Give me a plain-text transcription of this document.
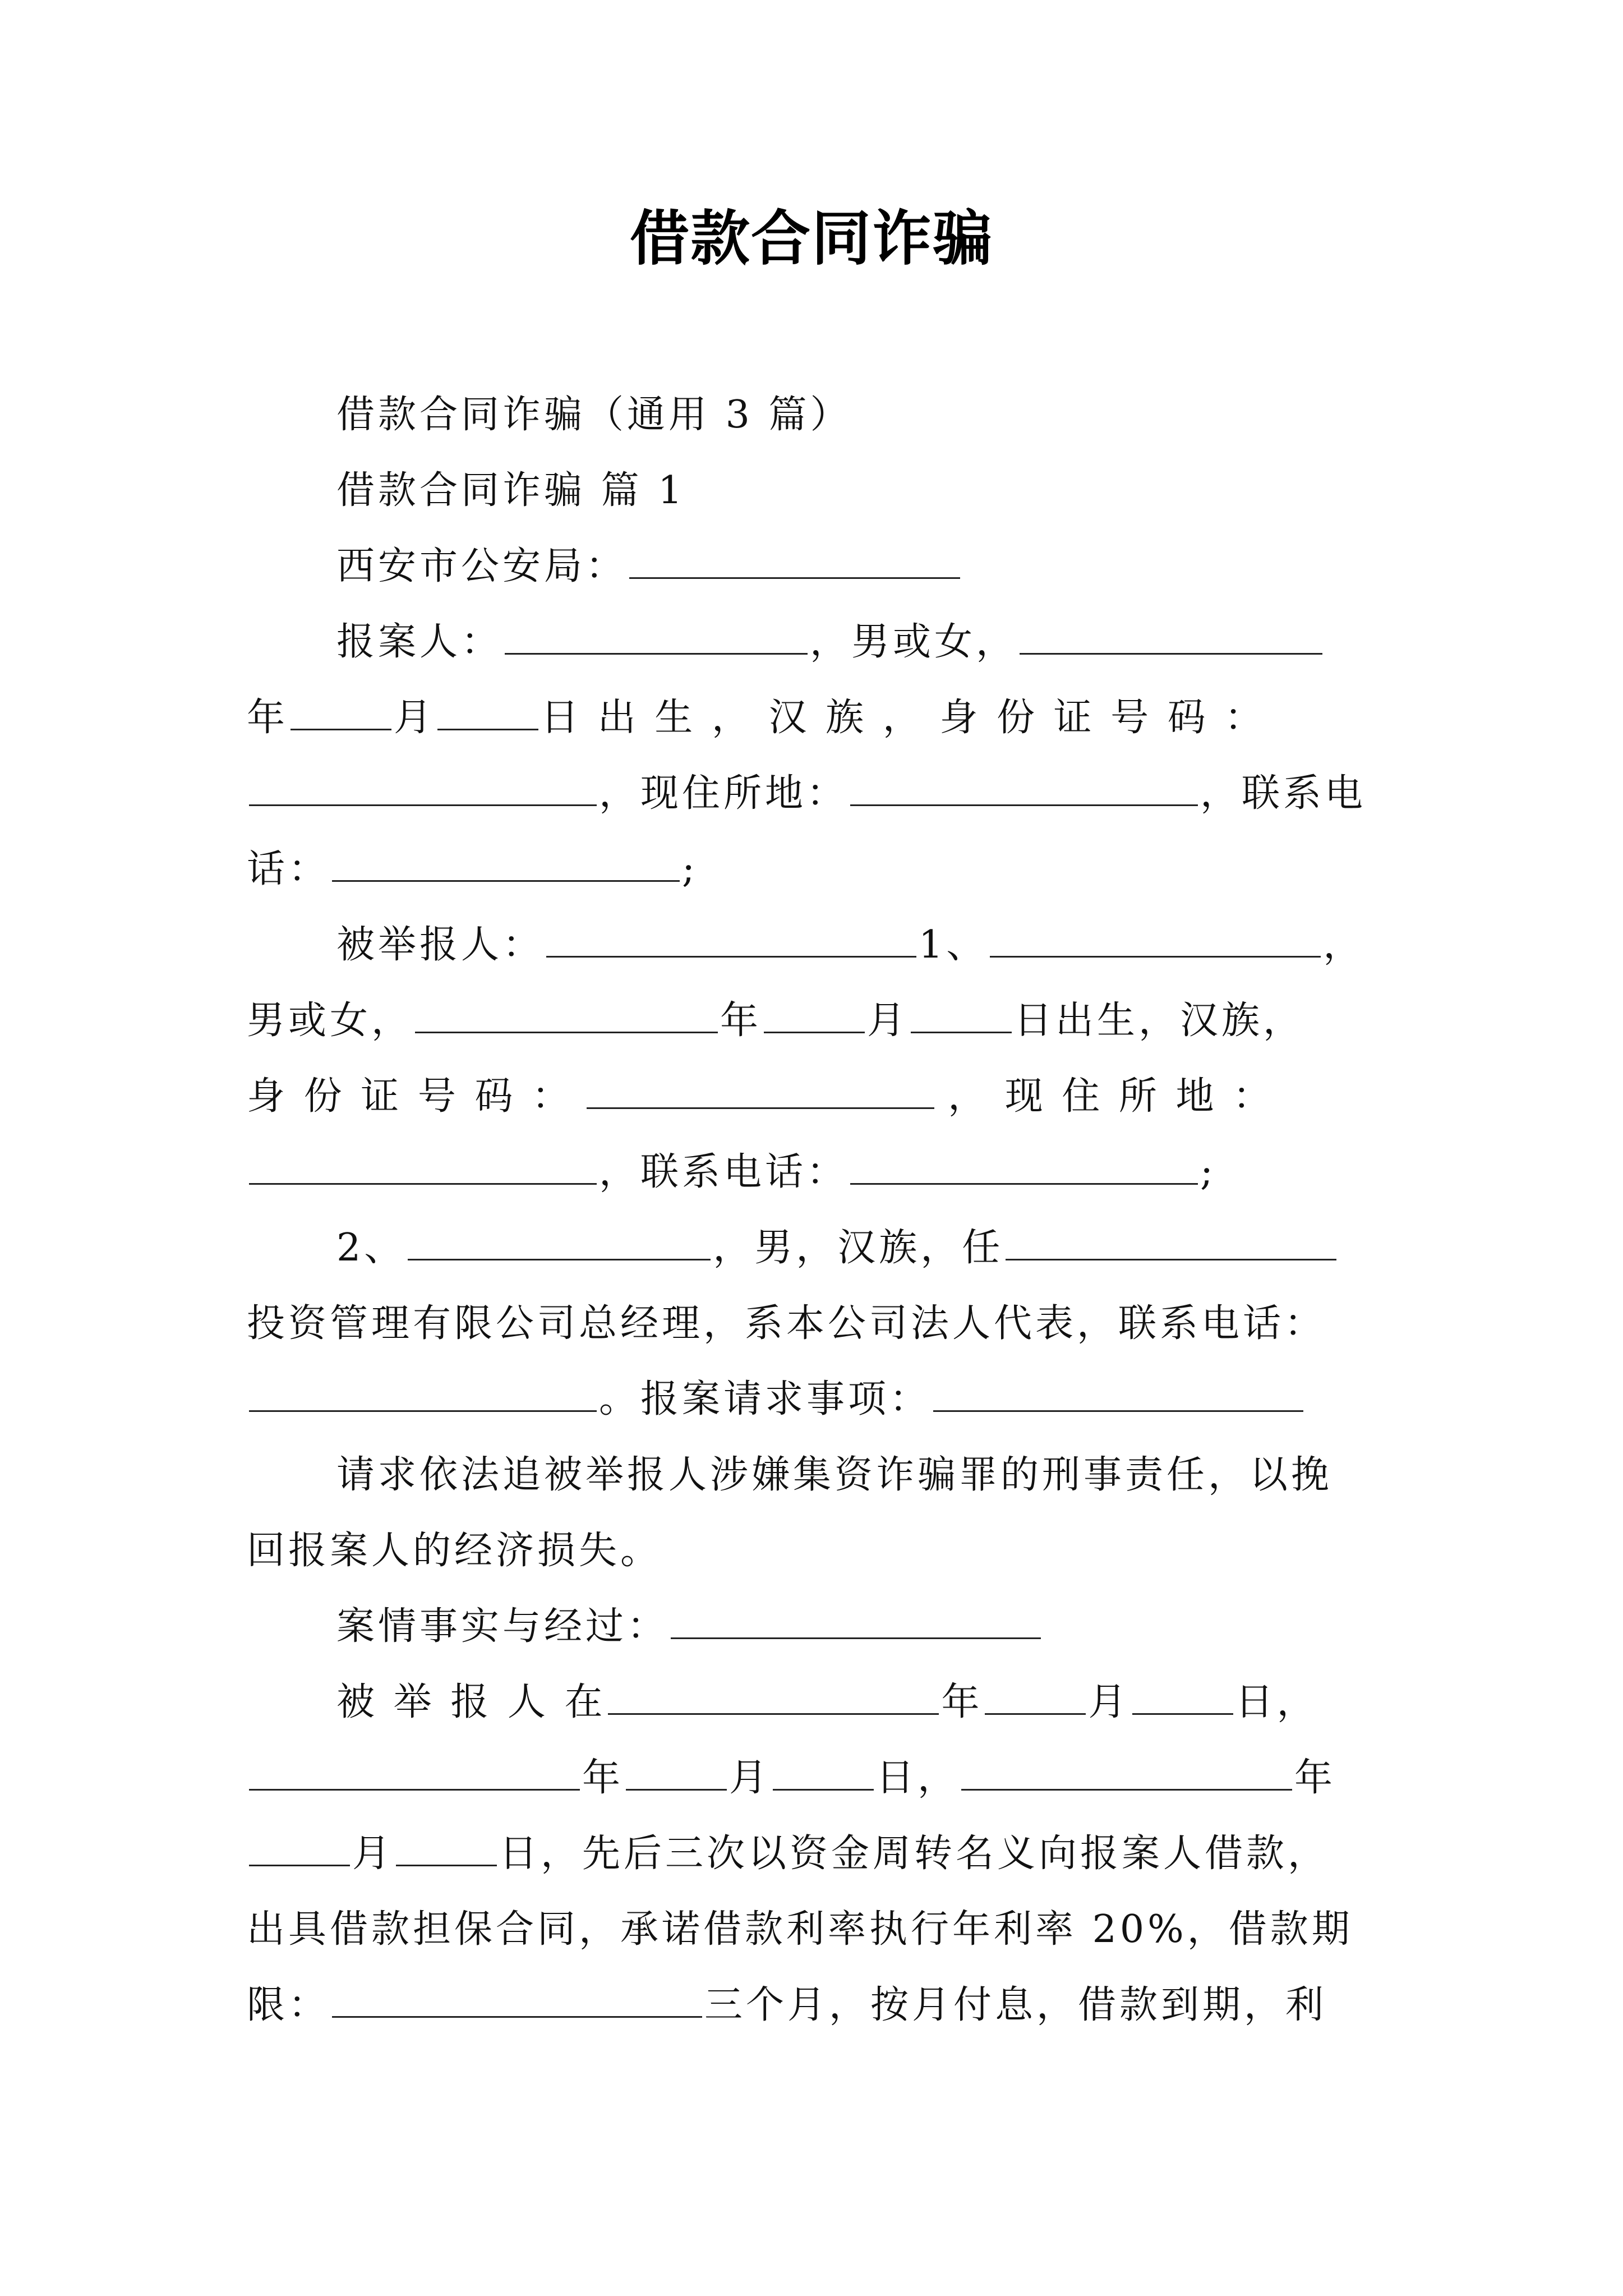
借款合同诈骗
借款合同诈骗（通用 3 篇）
借款合同诈骗 篇 1
西安市公安局：
报案人：	，男或女，
年	月	日 出 生 ， 汉 族 ， 身 份 证 号 码 ：
，现住所地：	，联系电
话：	;
被举报人：	1、	，
男或女，	年	月	日出生，汉族，
身 份 证 号 码 ：	， 现 住 所 地 ：
，联系电话：	;
2、	，男，汉族，任
投资管理有限公司总经理，系本公司法人代表，联系电话：
。报案请求事项：
请求依法追被举报人涉嫌集资诈骗罪的刑事责任，以挽
回报案人的经济损失。
案情事实与经过：
被 举 报 人 在	年	月	日，
年	月	日，	年
月	日，先后三次以资金周转名义向报案人借款，
出具借款担保合同，承诺借款利率执行年利率 20%，借款期
限：	三个月，按月付息，借款到期，利
